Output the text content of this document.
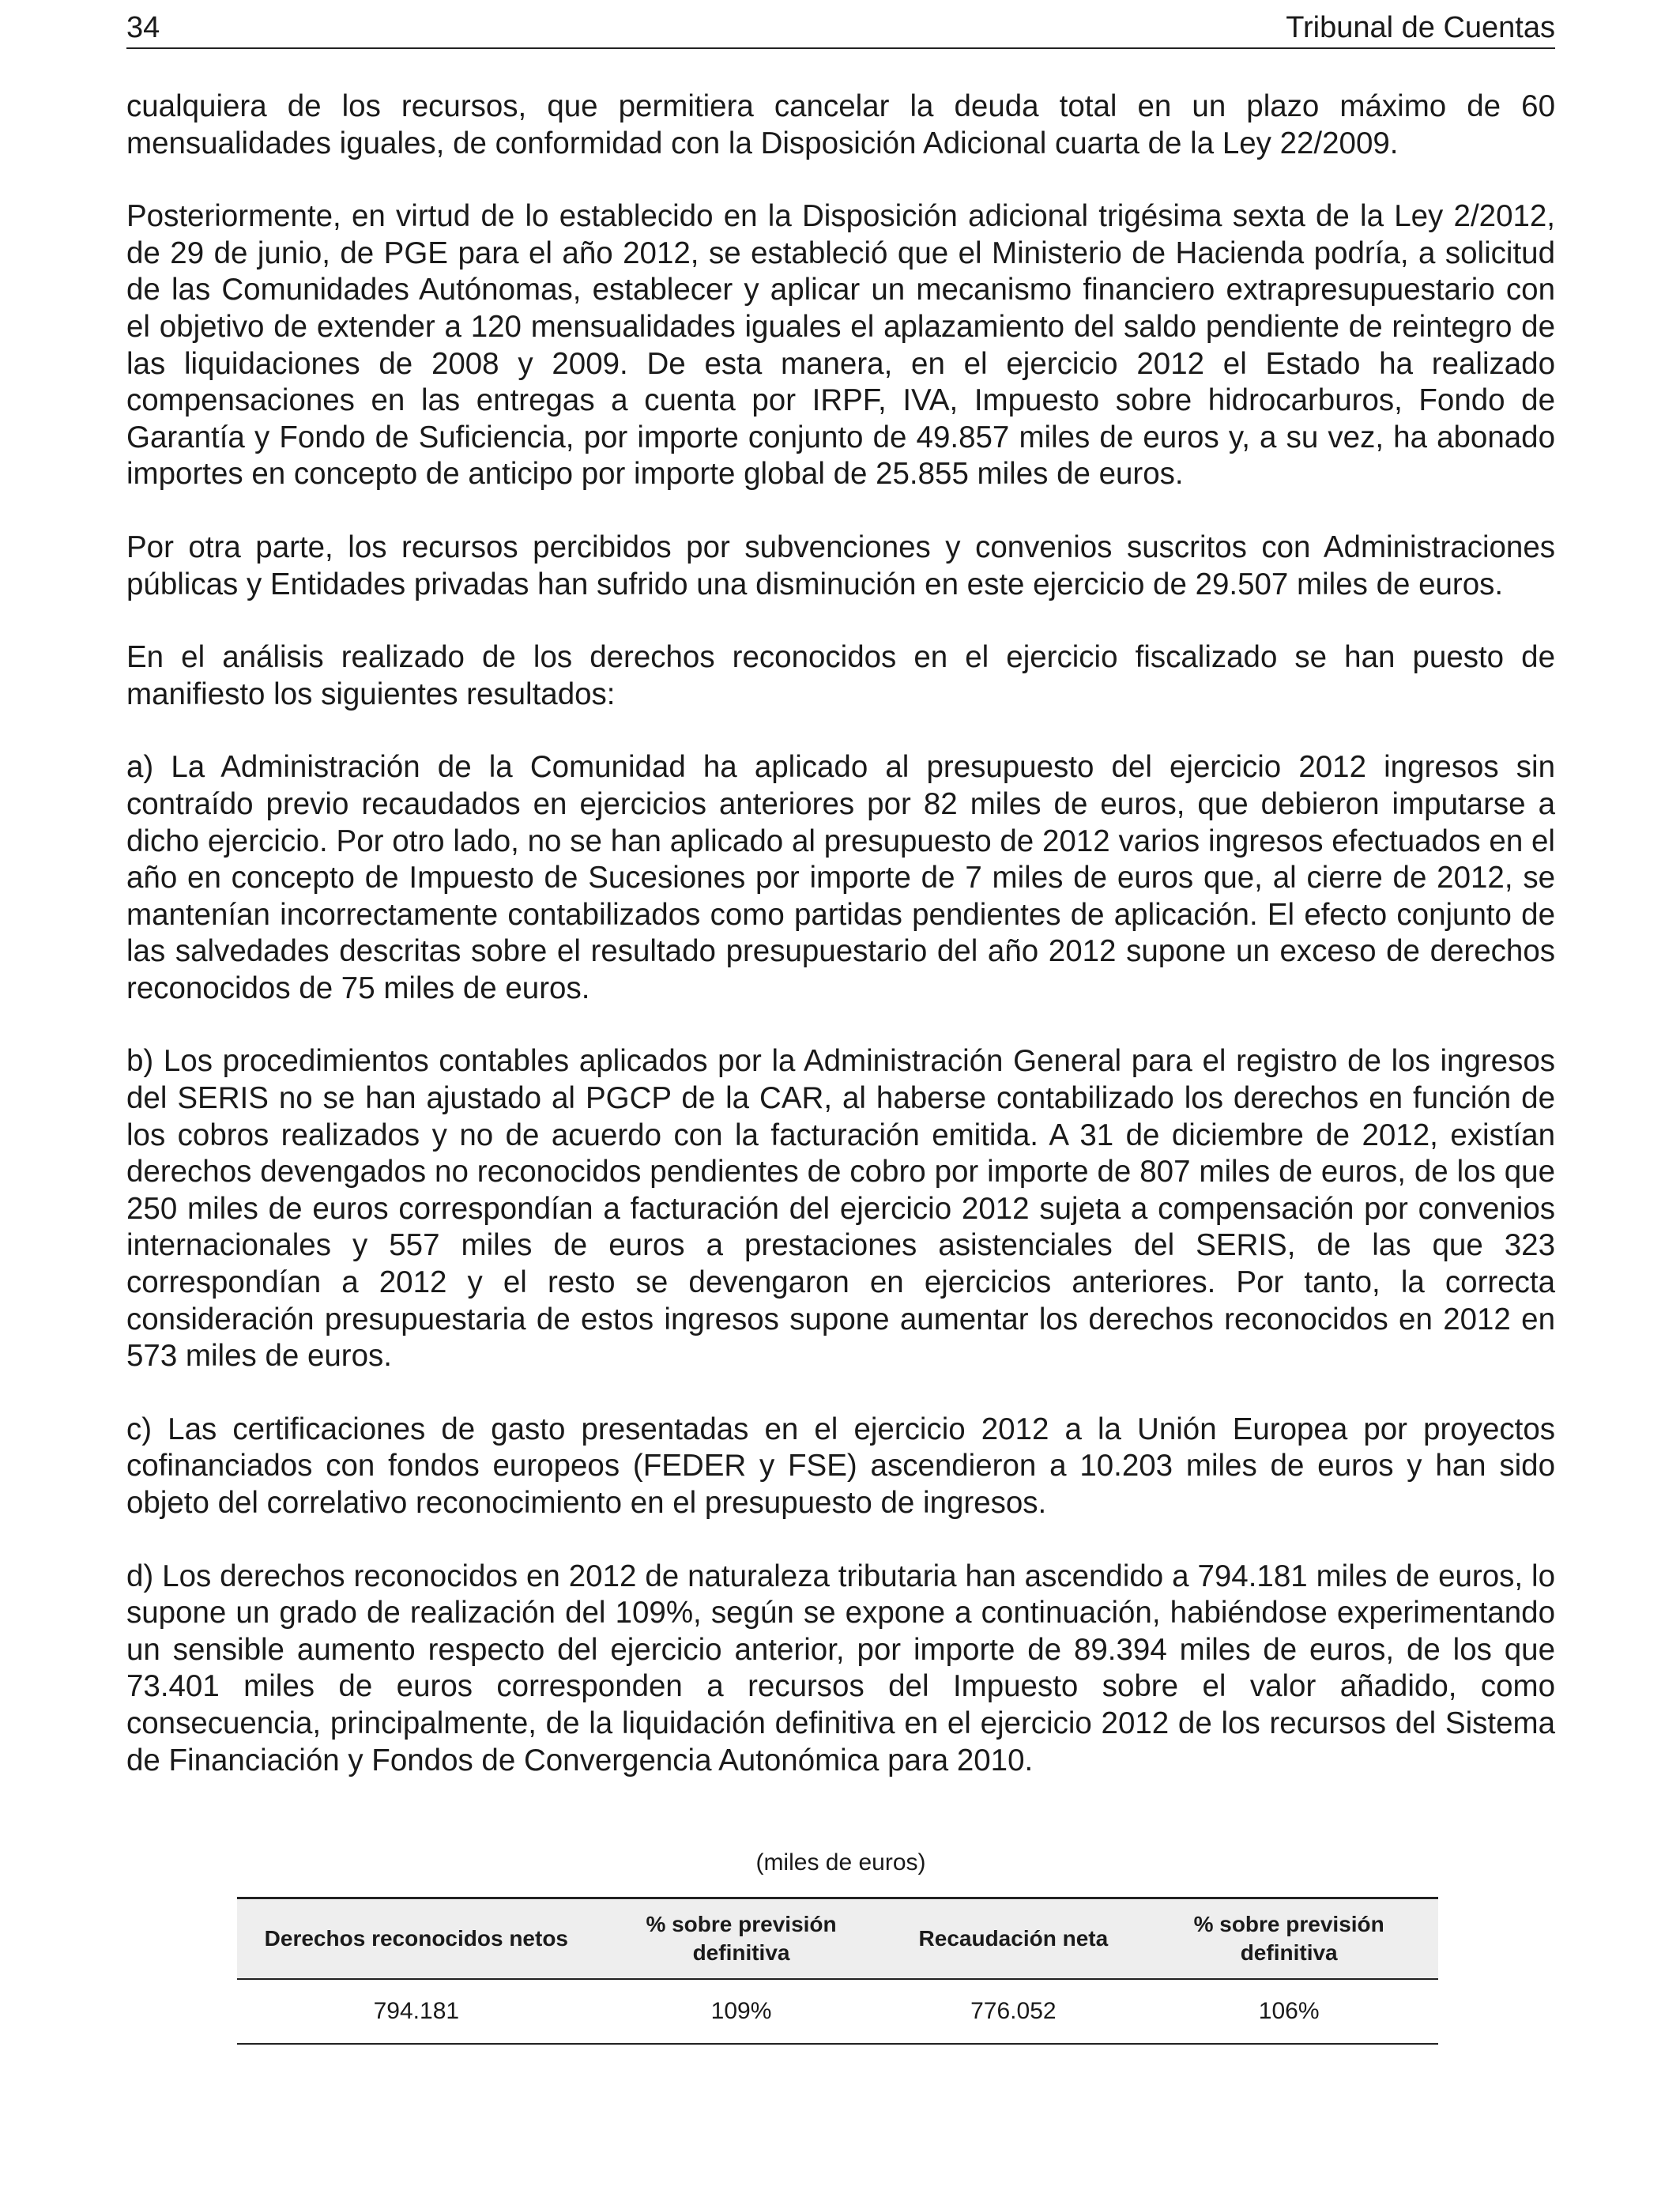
34	Tribunal de Cuentas

cualquiera de los recursos, que permitiera cancelar la deuda total en un plazo máximo de 60 mensualidades iguales, de conformidad con la Disposición Adicional cuarta de la Ley 22/2009.

Posteriormente, en virtud de lo establecido en la Disposición adicional trigésima sexta de la Ley 2/2012, de 29 de junio, de PGE para el año 2012, se estableció que el Ministerio de Hacienda podría, a solicitud de las Comunidades Autónomas, establecer y aplicar un mecanismo financiero extrapresupuestario con el objetivo de extender a 120 mensualidades iguales el aplazamiento del saldo pendiente de reintegro de las liquidaciones de 2008 y 2009. De esta manera, en el ejercicio 2012 el Estado ha realizado compensaciones en las entregas a cuenta por IRPF, IVA, Impuesto sobre hidrocarburos, Fondo de Garantía y Fondo de Suficiencia, por importe conjunto de 49.857 miles de euros y, a su vez, ha abonado importes en concepto de anticipo por importe global de 25.855 miles de euros.

Por otra parte, los recursos percibidos por subvenciones y convenios suscritos con Administraciones públicas y Entidades privadas han sufrido una disminución en este ejercicio de 29.507 miles de euros.

En el análisis realizado de los derechos reconocidos en el ejercicio fiscalizado se han puesto de manifiesto los siguientes resultados:

a) La Administración de la Comunidad ha aplicado al presupuesto del ejercicio 2012 ingresos sin contraído previo recaudados en ejercicios anteriores por 82 miles de euros, que debieron imputarse a dicho ejercicio. Por otro lado, no se han aplicado al presupuesto de 2012 varios ingresos efectuados en el año en concepto de Impuesto de Sucesiones por importe de 7 miles de euros que, al cierre de 2012, se mantenían incorrectamente contabilizados como partidas pendientes de aplicación. El efecto conjunto de las salvedades descritas sobre el resultado presupuestario del año 2012 supone un exceso de derechos reconocidos de 75 miles de euros.

b) Los procedimientos contables aplicados por la Administración General para el registro de los ingresos del SERIS no se han ajustado al PGCP de la CAR, al haberse contabilizado los derechos en función de los cobros realizados y no de acuerdo con la facturación emitida. A 31 de diciembre de 2012, existían derechos devengados no reconocidos pendientes de cobro por importe de 807 miles de euros, de los que 250 miles de euros correspondían a facturación del ejercicio 2012 sujeta a compensación por convenios internacionales y 557 miles de euros a prestaciones asistenciales del SERIS, de las que 323 correspondían a 2012 y el resto se devengaron en ejercicios anteriores. Por tanto, la correcta consideración presupuestaria de estos ingresos supone aumentar los derechos reconocidos en 2012 en 573 miles de euros.

c) Las certificaciones de gasto presentadas en el ejercicio 2012 a la Unión Europea por proyectos cofinanciados con fondos europeos (FEDER y FSE) ascendieron a 10.203 miles de euros y han sido objeto del correlativo reconocimiento en el presupuesto de ingresos.

d) Los derechos reconocidos en 2012 de naturaleza tributaria han ascendido a 794.181 miles de euros, lo supone un grado de realización del 109%, según se expone a continuación, habiéndose experimentando un sensible aumento respecto del ejercicio anterior, por importe de 89.394 miles de euros, de los que 73.401 miles de euros corresponden a recursos del Impuesto sobre el valor añadido, como consecuencia, principalmente, de la liquidación definitiva en el ejercicio 2012 de los recursos del Sistema de Financiación y Fondos de Convergencia Autonómica para 2010.

(miles de euros)
Derechos reconocidos netos	% sobre previsión definitiva	Recaudación neta	% sobre previsión definitiva
794.181	109%	776.052	106%
